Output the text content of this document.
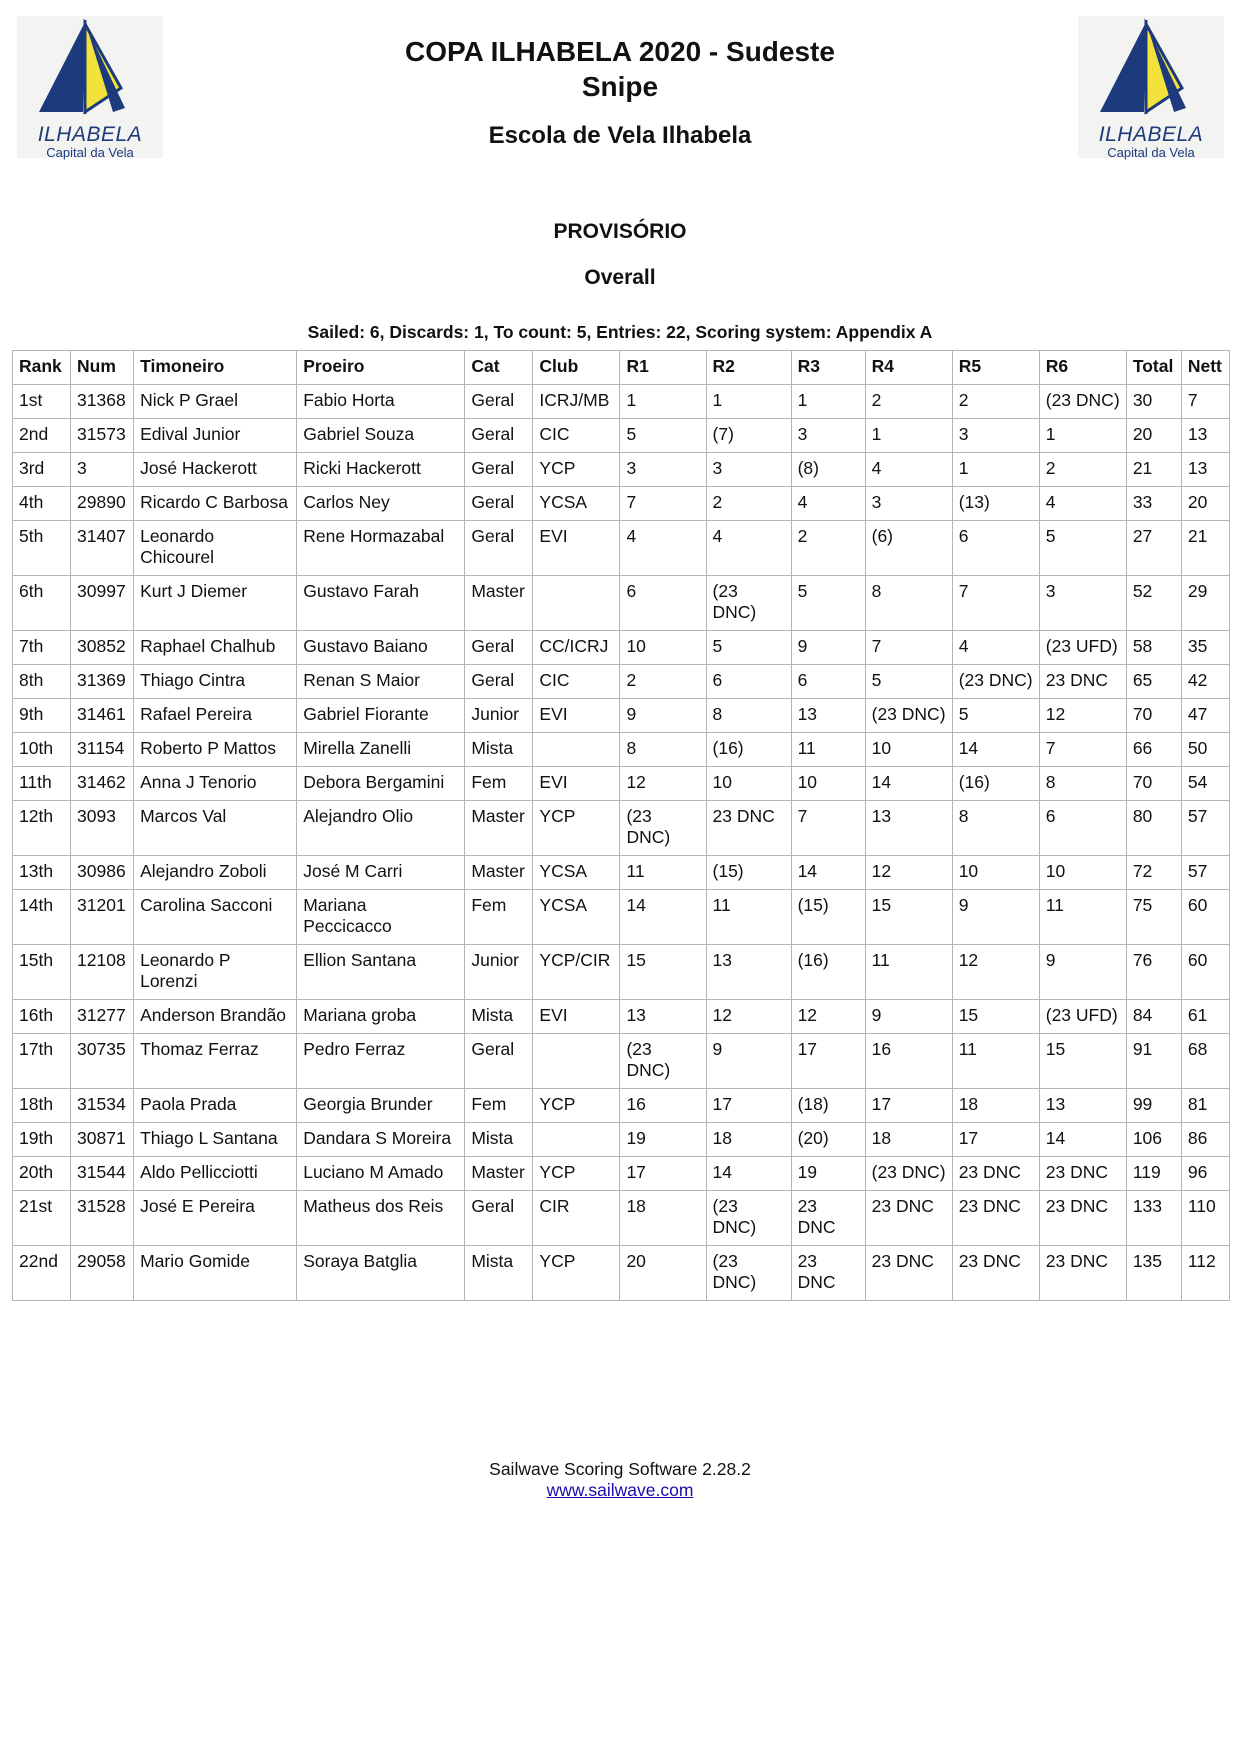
ILHABELA
Capital da Vela
ILHABELA
Capital da Vela
COPA ILHABELA 2020 - Sudeste
Snipe
Escola de Vela Ilhabela
PROVISÓRIO
Overall
Sailed: 6, Discards: 1, To count: 5, Entries: 22, Scoring system: Appendix A
Rank	Num	Timoneiro	Proeiro	Cat	Club	R1	R2	R3	R4	R5	R6	Total	Nett
1st	31368	Nick P Grael	Fabio Horta	Geral	ICRJ/MB	1	1	1	2	2	(23 DNC)	30	7
2nd	31573	Edival Junior	Gabriel Souza	Geral	CIC	5	(7)	3	1	3	1	20	13
3rd	3	José Hackerott	Ricki Hackerott	Geral	YCP	3	3	(8)	4	1	2	21	13
4th	29890	Ricardo C Barbosa	Carlos Ney	Geral	YCSA	7	2	4	3	(13)	4	33	20
5th	31407	Leonardo Chicourel	Rene Hormazabal	Geral	EVI	4	4	2	(6)	6	5	27	21
6th	30997	Kurt J Diemer	Gustavo Farah	Master		6	(23 DNC)	5	8	7	3	52	29
7th	30852	Raphael Chalhub	Gustavo Baiano	Geral	CC/ICRJ	10	5	9	7	4	(23 UFD)	58	35
8th	31369	Thiago Cintra	Renan S Maior	Geral	CIC	2	6	6	5	(23 DNC)	23 DNC	65	42
9th	31461	Rafael Pereira	Gabriel Fiorante	Junior	EVI	9	8	13	(23 DNC)	5	12	70	47
10th	31154	Roberto P Mattos	Mirella Zanelli	Mista		8	(16)	11	10	14	7	66	50
11th	31462	Anna J Tenorio	Debora Bergamini	Fem	EVI	12	10	10	14	(16)	8	70	54
12th	3093	Marcos Val	Alejandro Olio	Master	YCP	(23 DNC)	23 DNC	7	13	8	6	80	57
13th	30986	Alejandro Zoboli	José M Carri	Master	YCSA	11	(15)	14	12	10	10	72	57
14th	31201	Carolina Sacconi	Mariana Peccicacco	Fem	YCSA	14	11	(15)	15	9	11	75	60
15th	12108	Leonardo P Lorenzi	Ellion Santana	Junior	YCP/CIR	15	13	(16)	11	12	9	76	60
16th	31277	Anderson Brandão	Mariana groba	Mista	EVI	13	12	12	9	15	(23 UFD)	84	61
17th	30735	Thomaz Ferraz	Pedro Ferraz	Geral		(23 DNC)	9	17	16	11	15	91	68
18th	31534	Paola Prada	Georgia Brunder	Fem	YCP	16	17	(18)	17	18	13	99	81
19th	30871	Thiago L Santana	Dandara S Moreira	Mista		19	18	(20)	18	17	14	106	86
20th	31544	Aldo Pellicciotti	Luciano M Amado	Master	YCP	17	14	19	(23 DNC)	23 DNC	23 DNC	119	96
21st	31528	José E Pereira	Matheus dos Reis	Geral	CIR	18	(23 DNC)	23 DNC	23 DNC	23 DNC	23 DNC	133	110
22nd	29058	Mario Gomide	Soraya Batglia	Mista	YCP	20	(23 DNC)	23 DNC	23 DNC	23 DNC	23 DNC	135	112
Sailwave Scoring Software 2.28.2
www.sailwave.com
